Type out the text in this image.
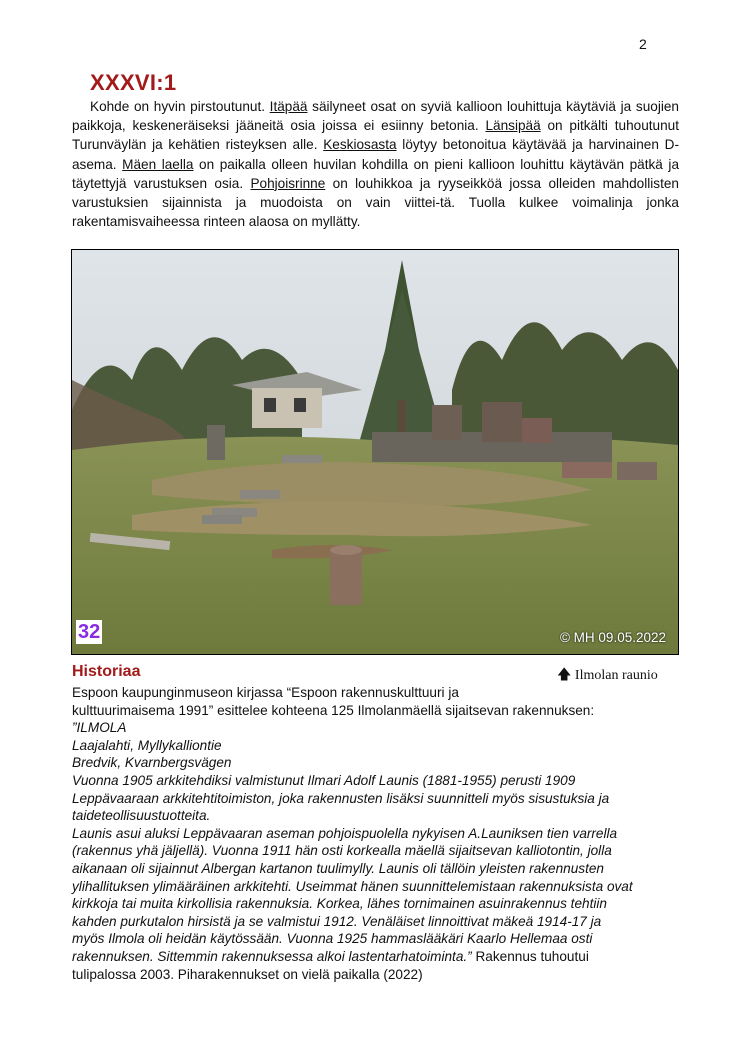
2
XXXVI:1

Kohde on hyvin pirstoutunut. Itäpää säilyneet osat on syviä kallioon louhittuja käytäviä ja suojien paikkoja, keskeneräiseksi jääneitä osia joissa ei esiinny betonia. Länsipää on pitkälti tuhoutunut Turunväylän ja kehätien risteyksen alle. Keskiosasta löytyy betonoitua käytävää ja harvinainen D-asema. Mäen laella on paikalla olleen huvilan kohdilla on pieni kallioon louhittu käytävän pätkä ja täytettyjä varustuksen osia. Pohjoisrinne on louhikkoa ja ryyseikköä jossa olleiden mahdollisten varustuksien sijainnista ja muodoista on vain viittei-tä. Tuolla kulkee voimalinja jonka rakentamisvaiheessa rinteen alaosa on myllätty.

32	© MH 09.05.2022
Historiaa	🡅 Ilmolan raunio

Espoon kaupunginmuseon kirjassa “Espoon rakennuskulttuuri ja

kulttuurimaisema 1991” esittelee kohteena 125 Ilmolanmäellä sijaitsevan rakennuksen:

”ILMOLA

Laajalahti, Myllykalliontie

Bredvik, Kvarnbergsvägen

Vuonna 1905 arkkitehdiksi valmistunut Ilmari Adolf Launis (1881-1955) perusti 1909

Leppävaaraan arkkitehtitoimiston, joka rakennusten lisäksi suunnitteli myös sisustuksia ja

taideteollisuustuotteita.

Launis asui aluksi Leppävaaran aseman pohjoispuolella nykyisen A.Launiksen tien varrella

(rakennus yhä jäljellä). Vuonna 1911 hän osti korkealla mäellä sijaitsevan kalliotontin, jolla

aikanaan oli sijainnut Albergan kartanon tuulimylly. Launis oli tällöin yleisten rakennusten

ylihallituksen ylimääräinen arkkitehti. Useimmat hänen suunnittelemistaan rakennuksista ovat

kirkkoja tai muita kirkollisia rakennuksia. Korkea, lähes tornimainen asuinrakennus tehtiin

kahden purkutalon hirsistä ja se valmistui 1912. Venäläiset linnoittivat mäkeä 1914-17 ja

myös Ilmola oli heidän käytössään. Vuonna 1925 hammaslääkäri Kaarlo Hellemaa osti

rakennuksen. Sittemmin rakennuksessa alkoi lastentarhatoiminta.” Rakennus tuhoutui

tulipalossa 2003. Piharakennukset on vielä paikalla (2022)
